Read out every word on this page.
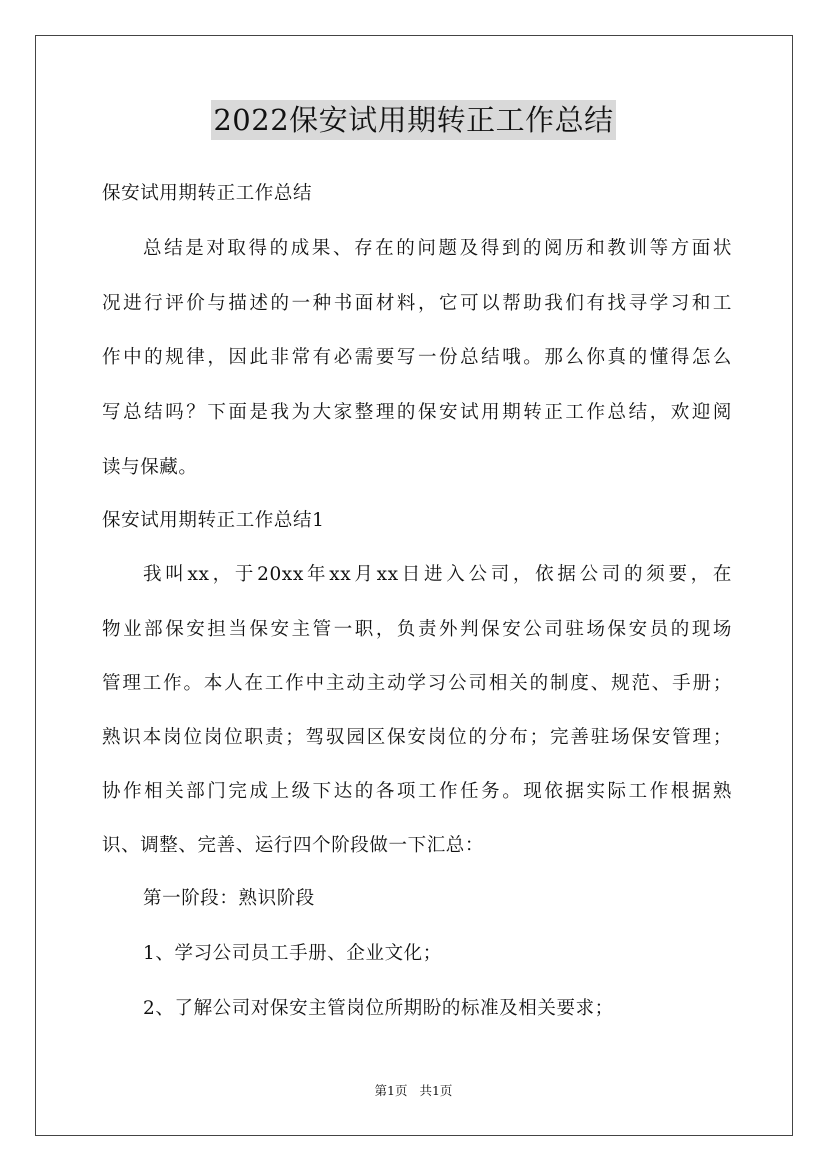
2022保安试用期转正工作总结
保安试用期转正工作总结
总结是对取得的成果、存在的问题及得到的阅历和教训等方面状
况进行评价与描述的一种书面材料，它可以帮助我们有找寻学习和工
作中的规律，因此非常有必需要写一份总结哦。那么你真的懂得怎么
写总结吗？下面是我为大家整理的保安试用期转正工作总结，欢迎阅
读与保藏。
保安试用期转正工作总结1
我叫xx，于20xx年xx月xx日进入公司，依据公司的须要，在
物业部保安担当保安主管一职，负责外判保安公司驻场保安员的现场
管理工作。本人在工作中主动主动学习公司相关的制度、规范、手册；
熟识本岗位岗位职责；驾驭园区保安岗位的分布；完善驻场保安管理；
协作相关部门完成上级下达的各项工作任务。现依据实际工作根据熟
识、调整、完善、运行四个阶段做一下汇总：
第一阶段：熟识阶段
1、学习公司员工手册、企业文化；
2、了解公司对保安主管岗位所期盼的标准及相关要求；
第1页 共1页
